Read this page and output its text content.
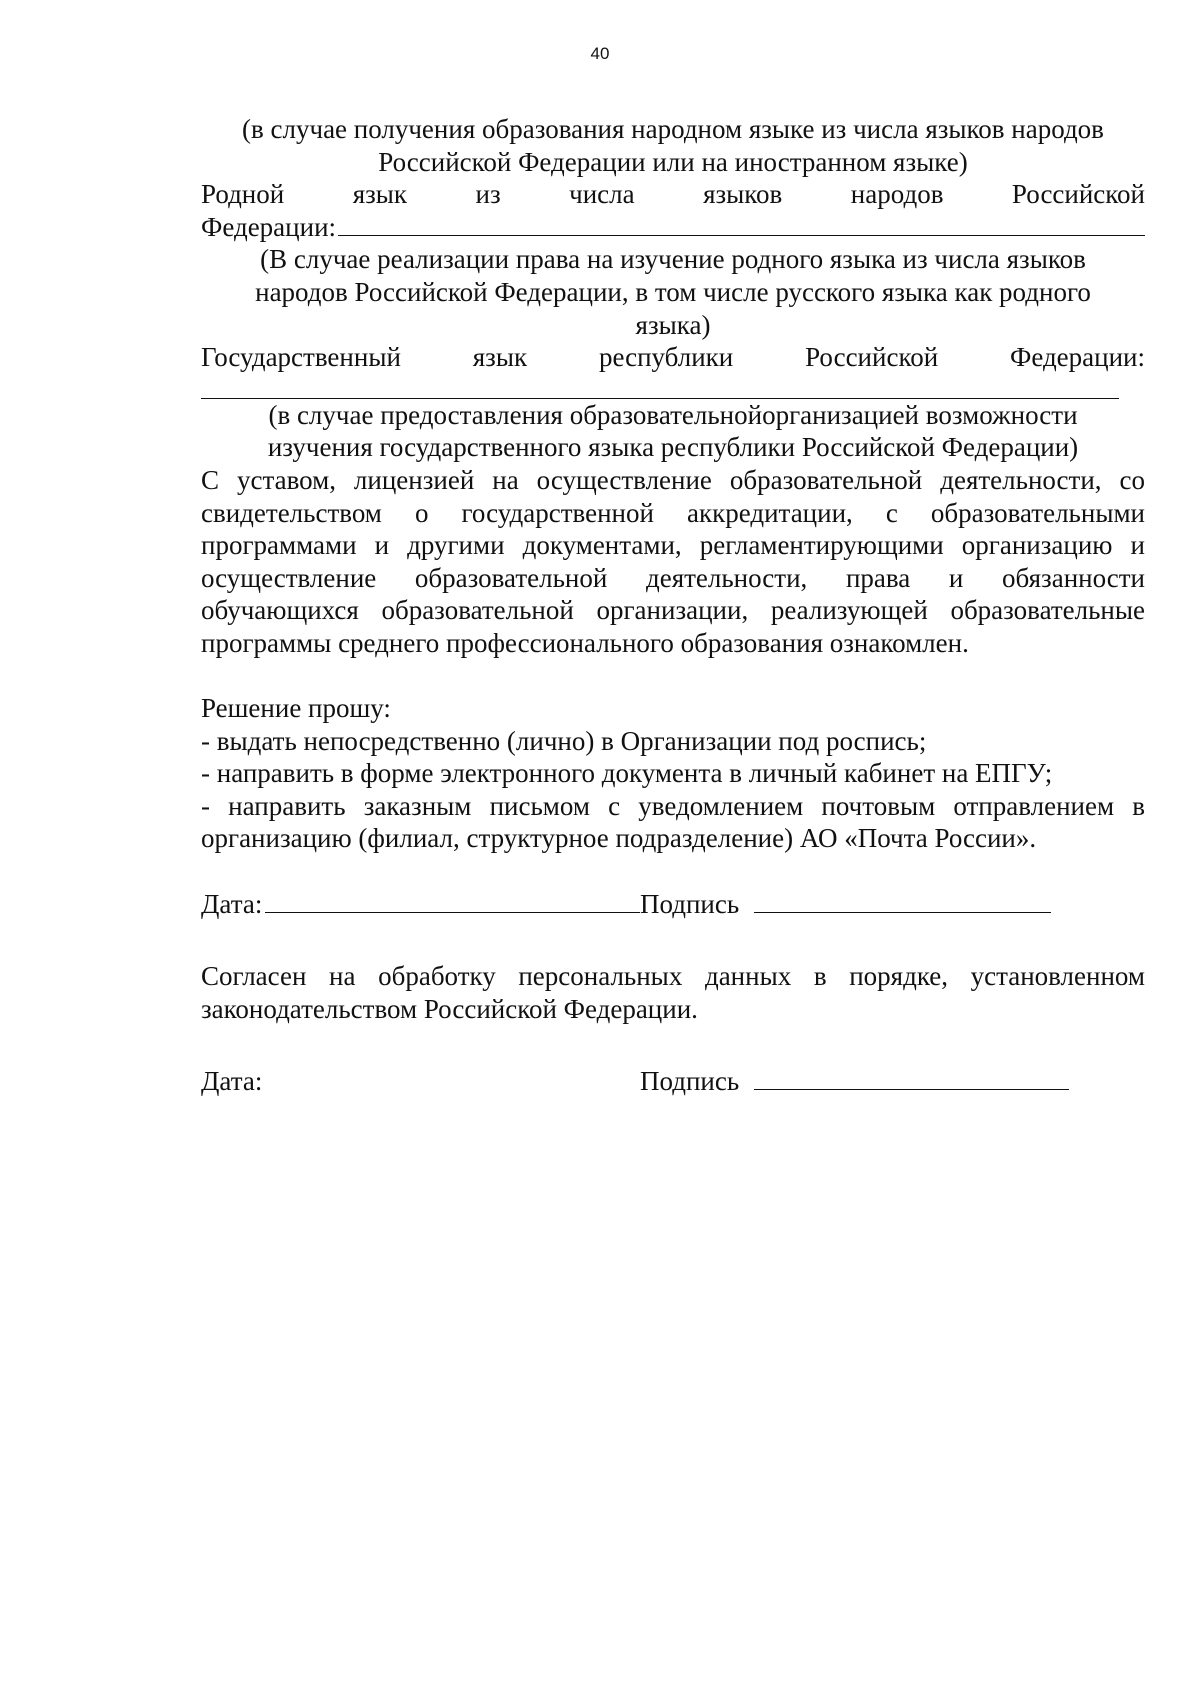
40

(в случае получения образования народном языке из числа языков народов

Российской Федерации или на иностранном языке)

Родной язык из числа языков народов Российской

Федерации:

(В случае реализации права на изучение родного языка из числа языков

народов Российской Федерации, в том числе русского языка как родного

языка)

Государственный язык республики Российской Федерации:

(в случае предоставления образовательнойорганизацией возможности

изучения государственного языка республики Российской Федерации)

С уставом, лицензией на осуществление образовательной деятельности, со свидетельством о государственной аккредитации, с образовательными программами и другими документами, регламентирующими организацию и осуществление образовательной деятельности, права и обязанности обучающихся образовательной организации, реализующей образовательные программы среднего профессионального образования ознакомлен.

Решение прошу:

- выдать непосредственно (лично) в Организации под роспись;

- направить в форме электронного документа в личный кабинет на ЕПГУ;

- направить заказным письмом с уведомлением почтовым отправлением в организацию (филиал, структурное подразделение) АО «Почта России».

Дата:	Подпись

Согласен на обработку персональных данных в порядке, установленном законодательством Российской Федерации.

Дата:	Подпись
